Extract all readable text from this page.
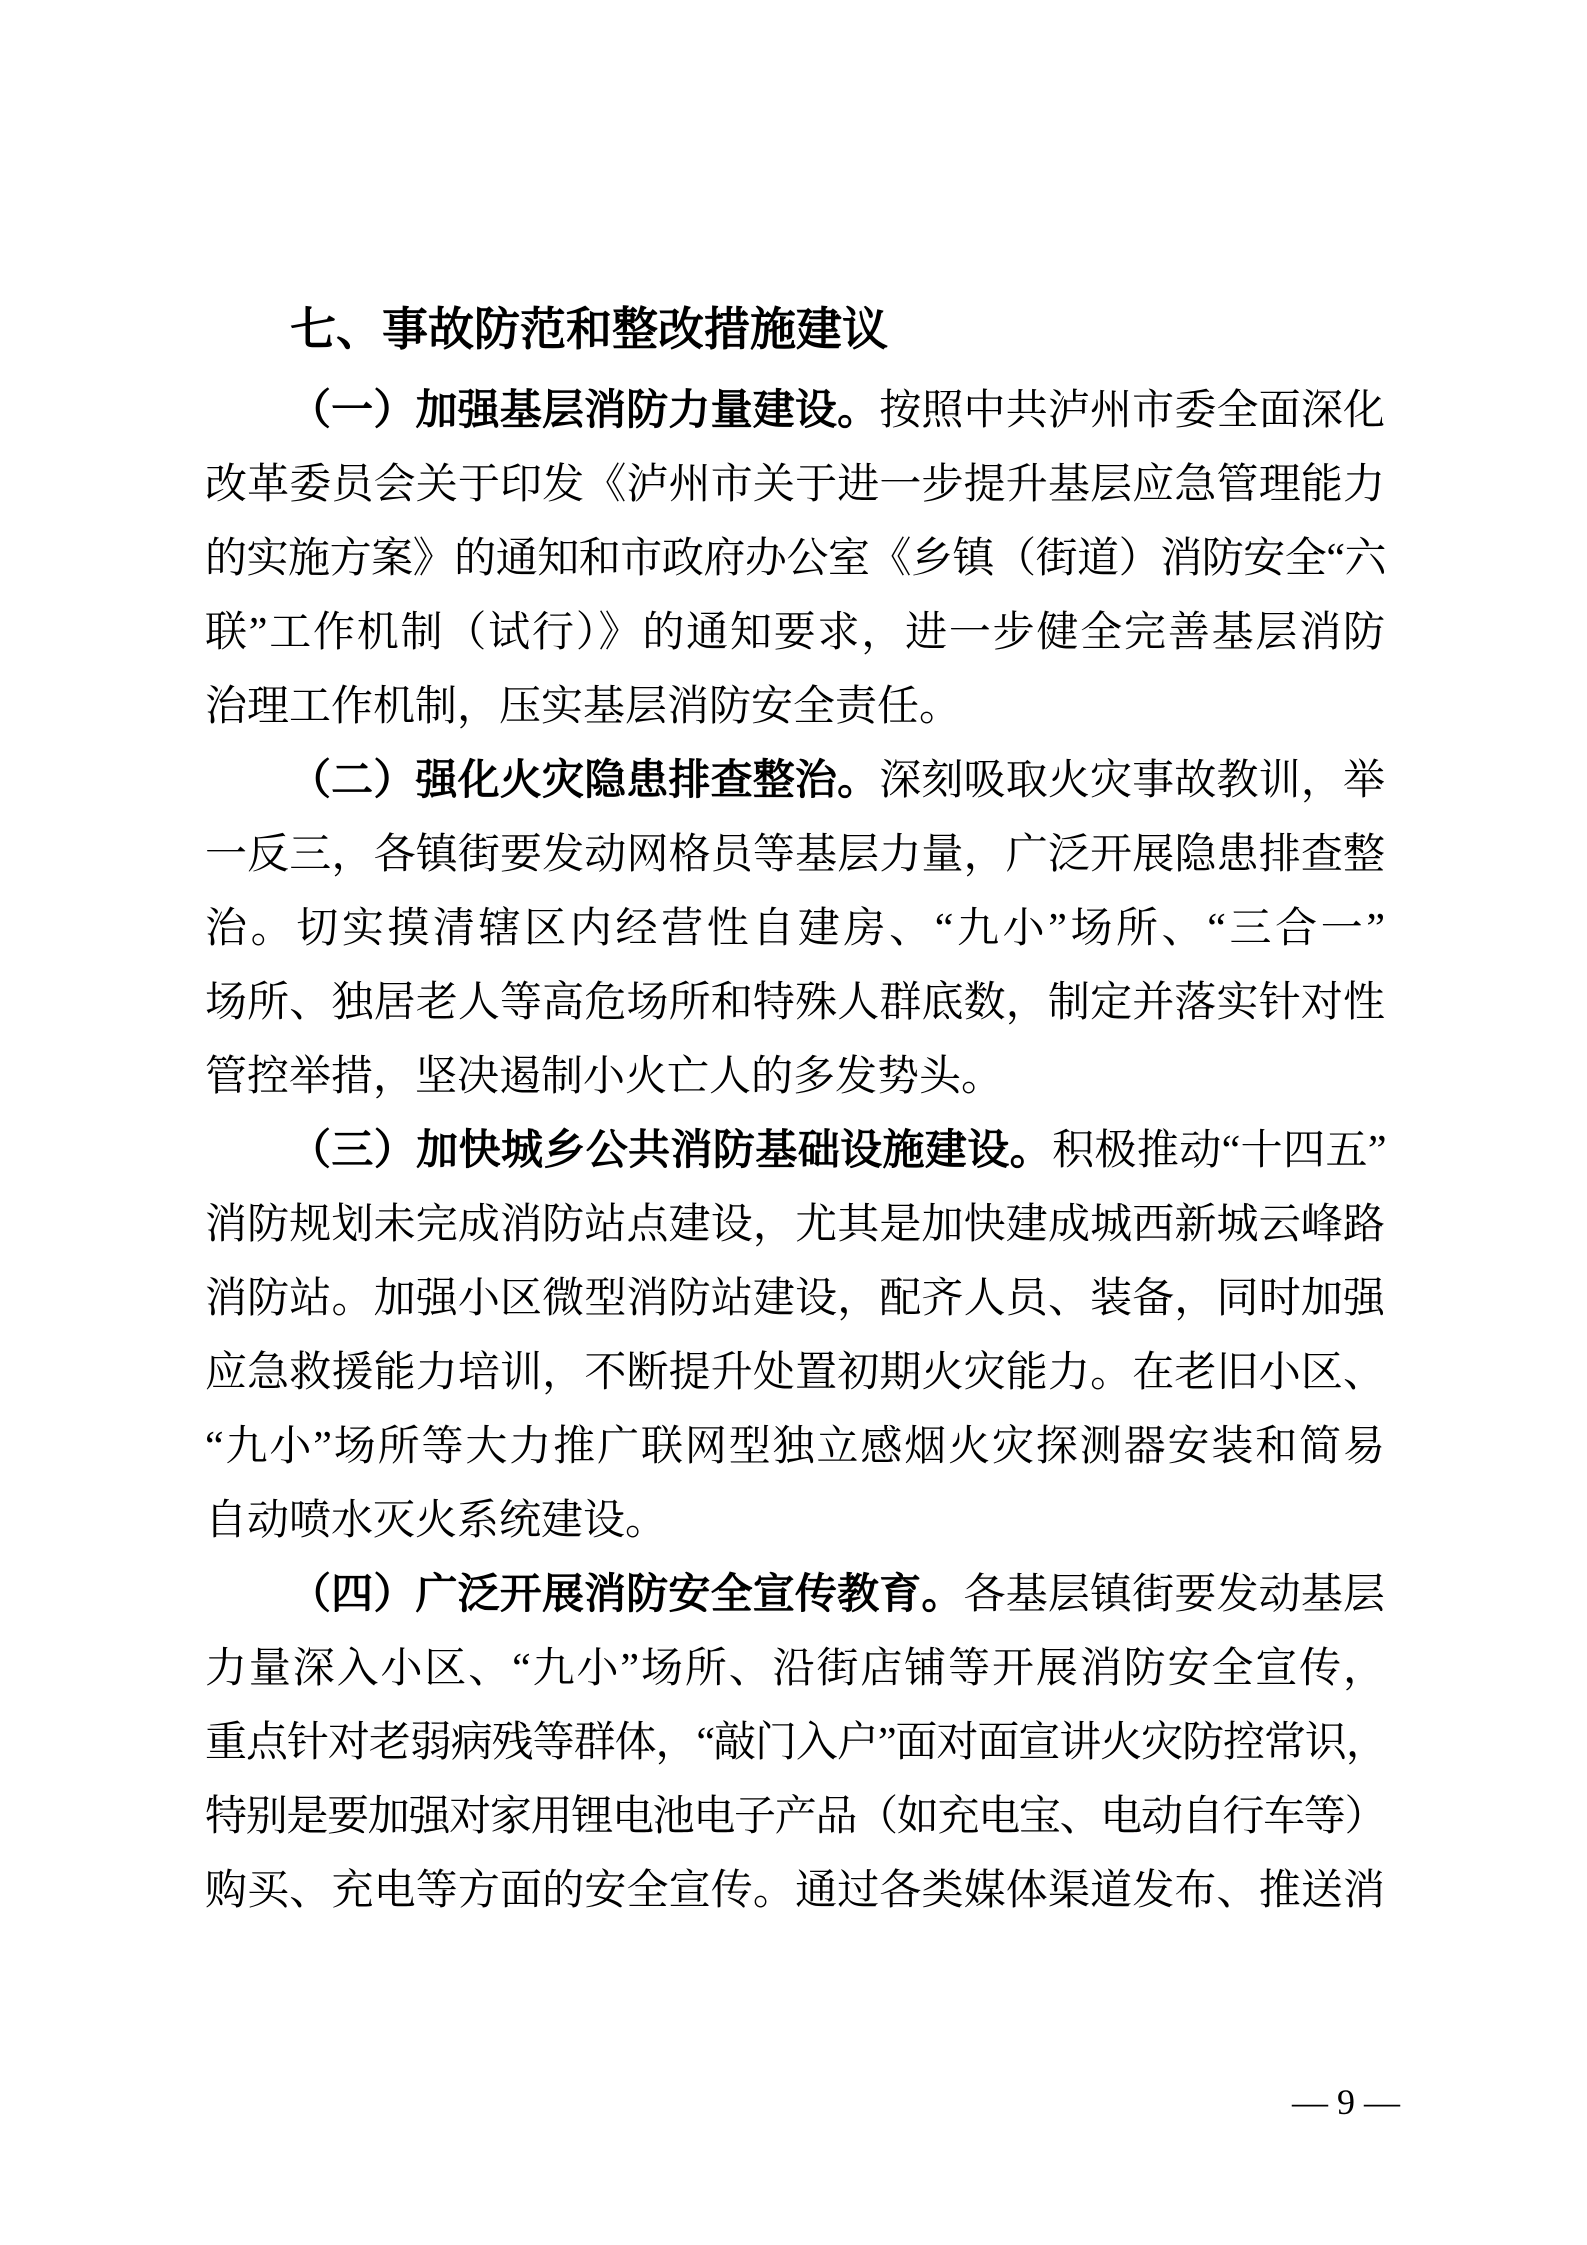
七、事故防范和整改措施建议
（一）加强基层消防力量建设。按照中共泸州市委全面深化
改革委员会关于印发《泸州市关于进一步提升基层应急管理能力
的实施方案》的通知和市政府办公室《乡镇（街道）消防安全“六
联”工作机制（试行）》的通知要求，进一步健全完善基层消防
治理工作机制，压实基层消防安全责任。
（二）强化火灾隐患排查整治。深刻吸取火灾事故教训，举
一反三，各镇街要发动网格员等基层力量，广泛开展隐患排查整
治。切实摸清辖区内经营性自建房、“九小”场所、“三合一”
场所、独居老人等高危场所和特殊人群底数，制定并落实针对性
管控举措，坚决遏制小火亡人的多发势头。
（三）加快城乡公共消防基础设施建设。积极推动“十四五”
消防规划未完成消防站点建设，尤其是加快建成城西新城云峰路
消防站。加强小区微型消防站建设，配齐人员、装备，同时加强
应急救援能力培训，不断提升处置初期火灾能力。在老旧小区、
“九小”场所等大力推广联网型独立感烟火灾探测器安装和简易
自动喷水灭火系统建设。
（四）广泛开展消防安全宣传教育。各基层镇街要发动基层
力量深入小区、“九小”场所、沿街店铺等开展消防安全宣传，
重点针对老弱病残等群体，“敲门入户”面对面宣讲火灾防控常识，
特别是要加强对家用锂电池电子产品（如充电宝、电动自行车等）
购买、充电等方面的安全宣传。通过各类媒体渠道发布、推送消
— 9 —
